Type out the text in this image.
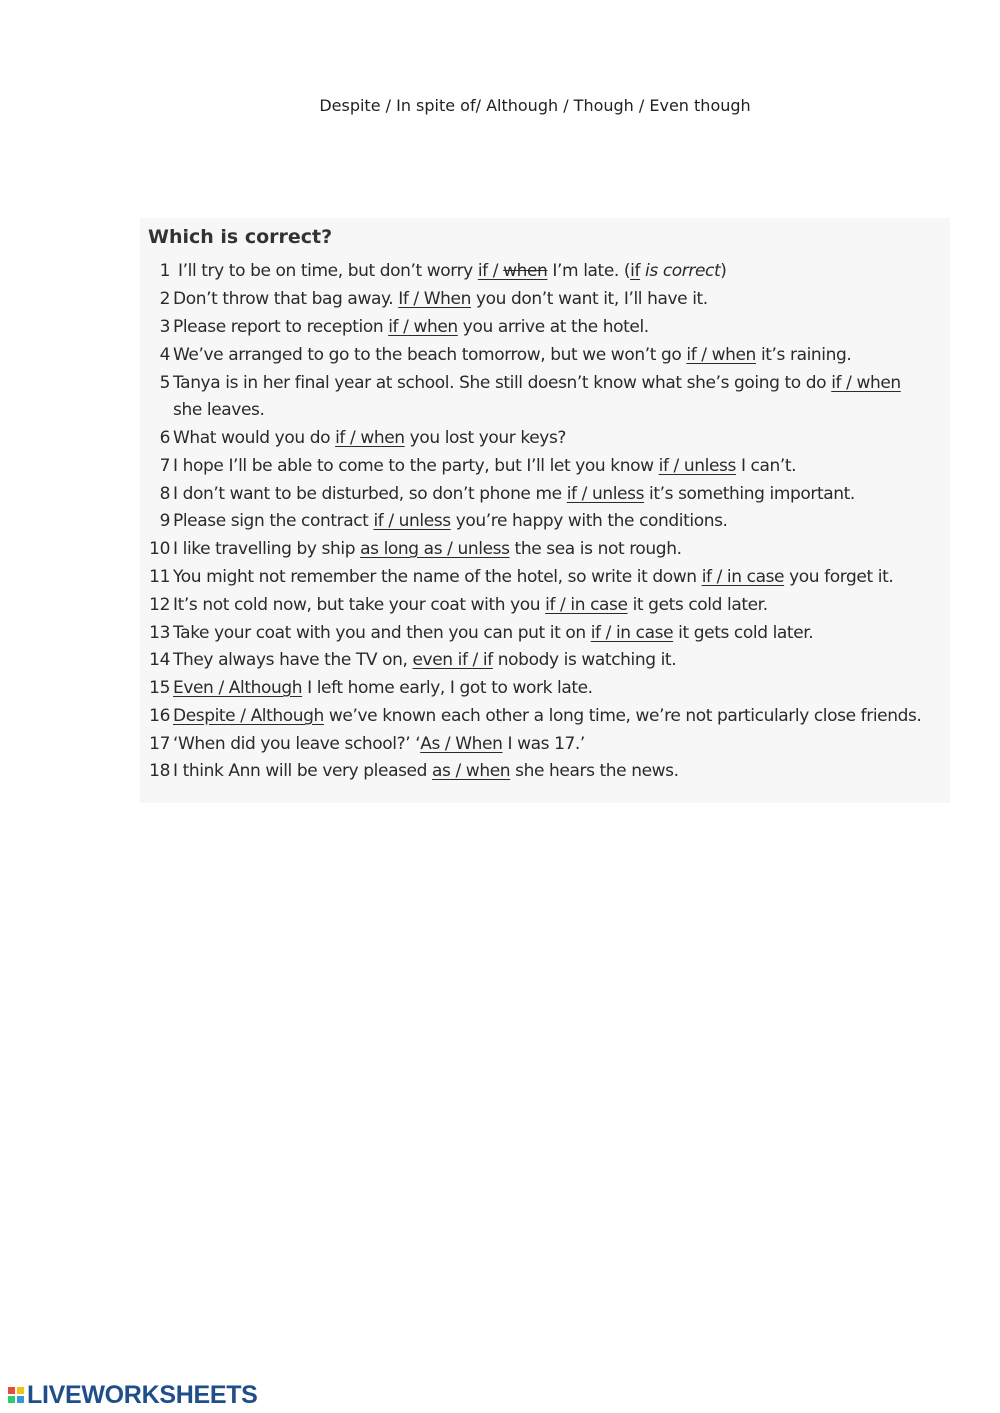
Despite / In spite of/ Although / Though / Even though
Which is correct?
1 I’ll try to be on time, but don’t worry if / when I’m late. (if is correct)
2 Don’t throw that bag away. If / When you don’t want it, I’ll have it.
3 Please report to reception if / when you arrive at the hotel.
4 We’ve arranged to go to the beach tomorrow, but we won’t go if / when it’s raining.
5 Tanya is in her final year at school. She still doesn’t know what she’s going to do if / when
she leaves.
6 What would you do if / when you lost your keys?
7 I hope I’ll be able to come to the party, but I’ll let you know if / unless I can’t.
8 I don’t want to be disturbed, so don’t phone me if / unless it’s something important.
9 Please sign the contract if / unless you’re happy with the conditions.
10 I like travelling by ship as long as / unless the sea is not rough.
11 You might not remember the name of the hotel, so write it down if / in case you forget it.
12 It’s not cold now, but take your coat with you if / in case it gets cold later.
13 Take your coat with you and then you can put it on if / in case it gets cold later.
14 They always have the TV on, even if / if nobody is watching it.
15 Even / Although I left home early, I got to work late.
16 Despite / Although we’ve known each other a long time, we’re not particularly close friends.
17 ‘When did you leave school?’ ‘As / When I was 17.’
18 I think Ann will be very pleased as / when she hears the news.
LIVEWORKSHEETS
